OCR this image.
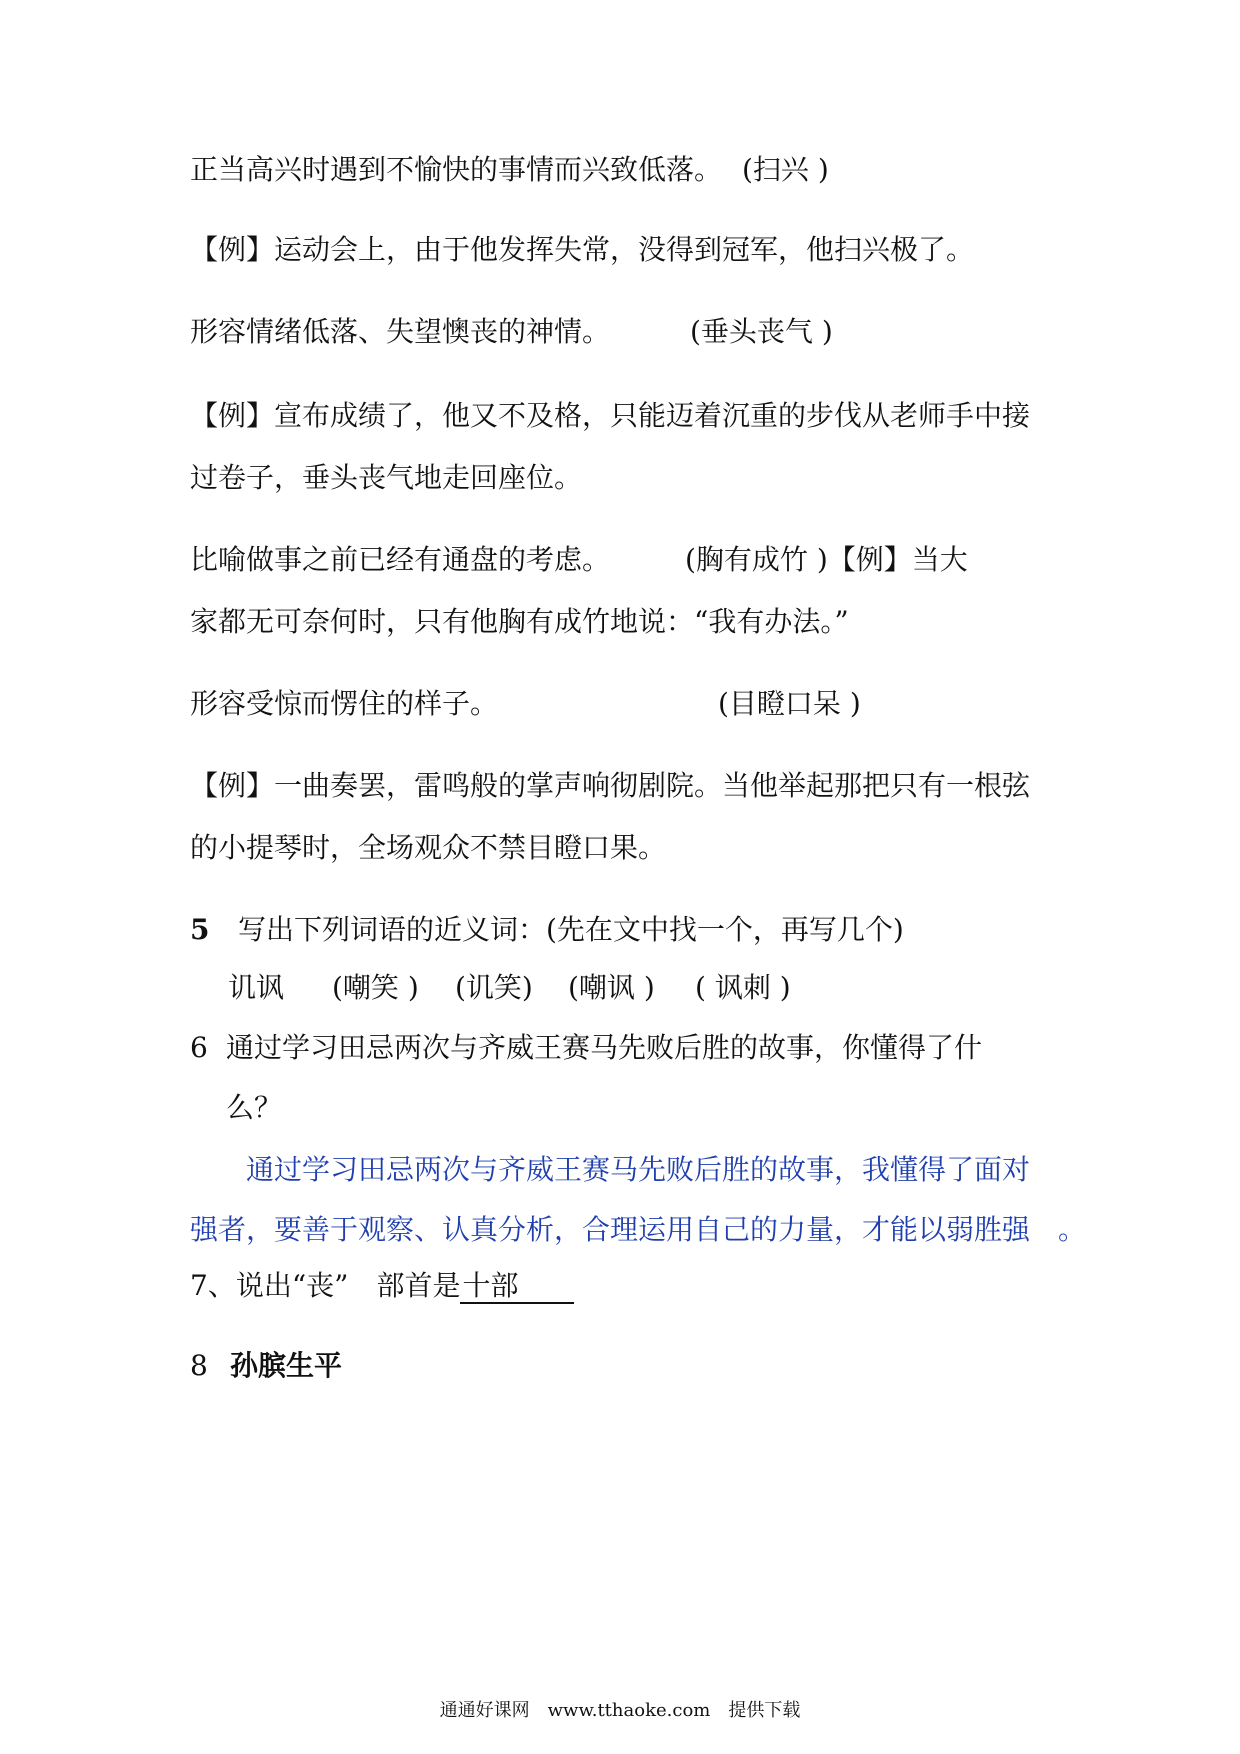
正当高兴时遇到不愉快的事情而兴致低落。 (扫兴 )
【例】运动会上，由于他发挥失常，没得到冠军，他扫兴极了。
形容情绪低落、失望懊丧的神情。	(垂头丧气 )
【例】宣布成绩了，他又不及格，只能迈着沉重的步伐从老师手中接
过卷子，垂头丧气地走回座位。
比喻做事之前已经有通盘的考虑。	(胸有成竹 )【例】当大
家都无可奈何时，只有他胸有成竹地说：“我有办法。”
形容受惊而愣住的样子。	(目瞪口呆 )
【例】一曲奏罢，雷鸣般的掌声响彻剧院。当他举起那把只有一根弦
的小提琴时，全场观众不禁目瞪口果。
5 写出下列词语的近义词：(先在文中找一个，再写几个)
讥讽 (嘲笑 ) (讥笑) (嘲讽 ) ( 讽刺 )
6 通过学习田忌两次与齐威王赛马先败后胜的故事，你懂得了什
么？
通过学习田忌两次与齐威王赛马先败后胜的故事，我懂得了面对
强者，要善于观察、认真分析，合理运用自己的力量，才能以弱胜强　。
7、说出“丧”　部首是十部
8 孙膑生平
通通好课网　www.tthaoke.com　提供下载
